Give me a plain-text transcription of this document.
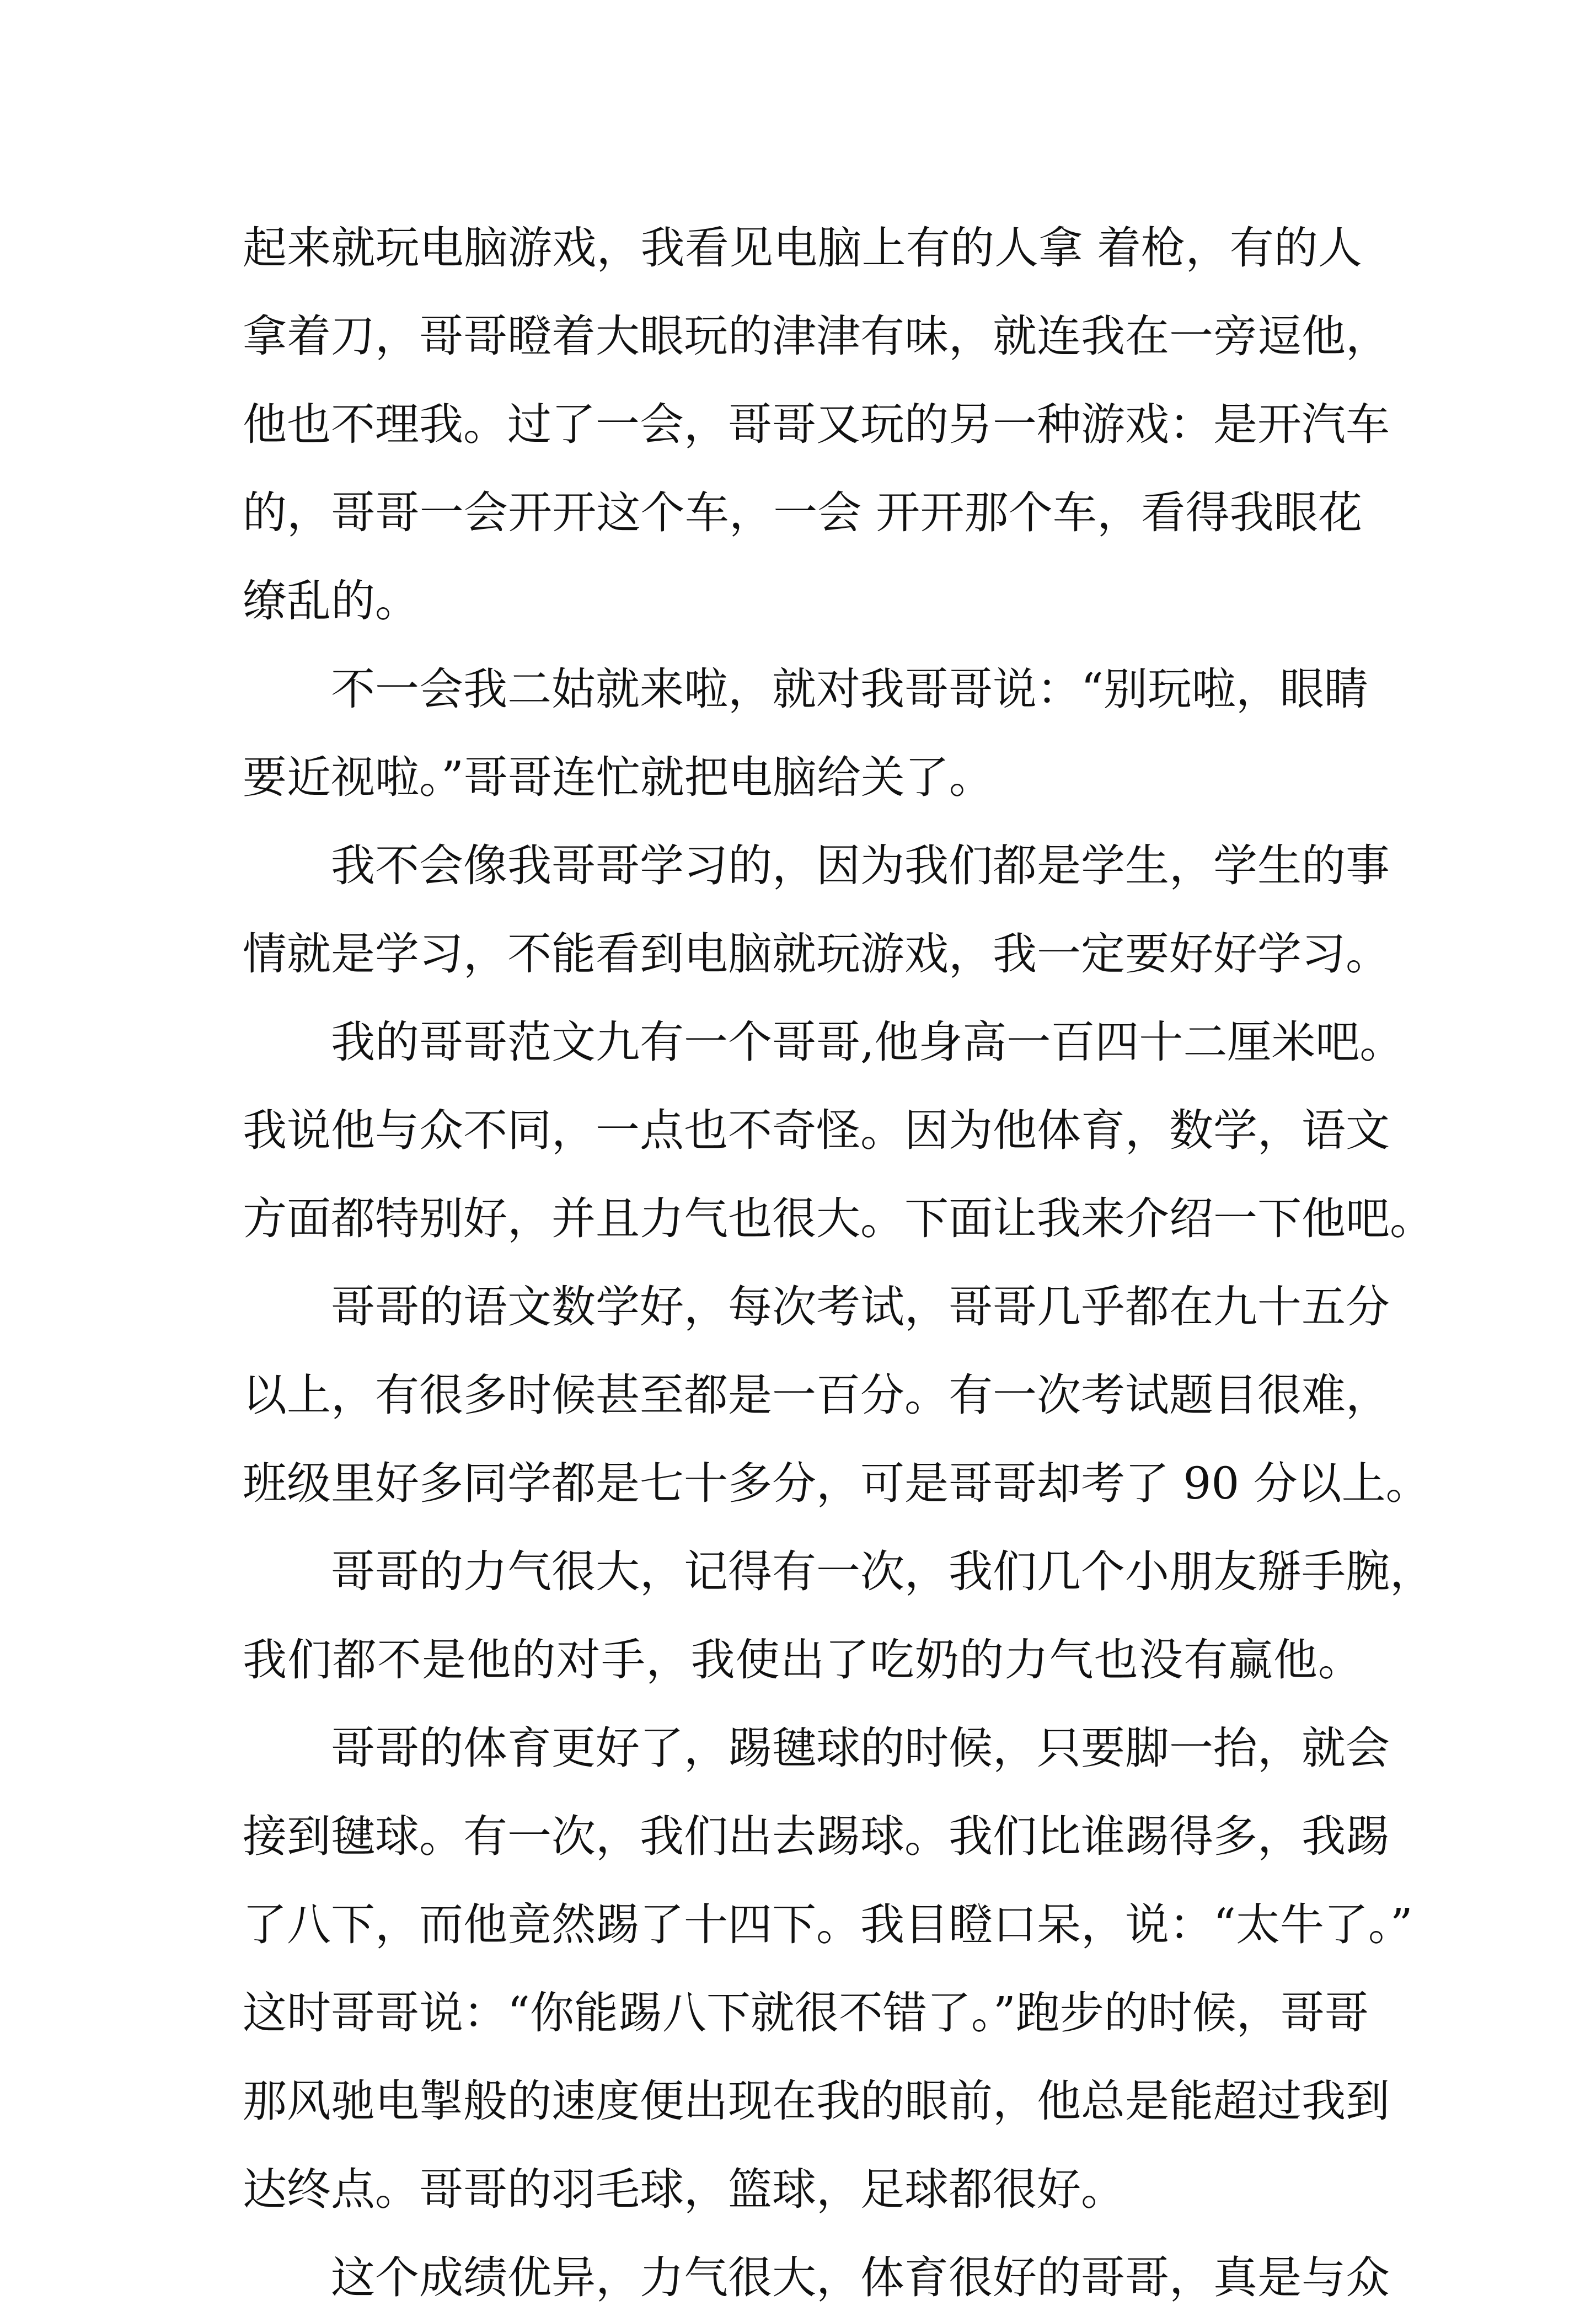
起来就玩电脑游戏，我看见电脑上有的人拿 着枪，有的人
拿着刀，哥哥瞪着大眼玩的津津有味，就连我在一旁逗他，
他也不理我。过了一会，哥哥又玩的另一种游戏：是开汽车
的，哥哥一会开开这个车，一会 开开那个车，看得我眼花
缭乱的。
不一会我二姑就来啦，就对我哥哥说：“别玩啦，眼睛
要近视啦。”哥哥连忙就把电脑给关了。
我不会像我哥哥学习的，因为我们都是学生，学生的事
情就是学习，不能看到电脑就玩游戏，我一定要好好学习。
我的哥哥范文九有一个哥哥,他身高一百四十二厘米吧。
我说他与众不同，一点也不奇怪。因为他体育，数学，语文
方面都特别好，并且力气也很大。下面让我来介绍一下他吧。
哥哥的语文数学好，每次考试，哥哥几乎都在九十五分
以上，有很多时候甚至都是一百分。有一次考试题目很难，
班级里好多同学都是七十多分，可是哥哥却考了 90 分以上。
哥哥的力气很大，记得有一次，我们几个小朋友掰手腕，
我们都不是他的对手，我使出了吃奶的力气也没有赢他。
哥哥的体育更好了，踢毽球的时候，只要脚一抬，就会
接到毽球。有一次，我们出去踢球。我们比谁踢得多，我踢
了八下，而他竟然踢了十四下。我目瞪口呆，说：“太牛了。”
这时哥哥说：“你能踢八下就很不错了。”跑步的时候，哥哥
那风驰电掣般的速度便出现在我的眼前，他总是能超过我到
达终点。哥哥的羽毛球，篮球，足球都很好。
这个成绩优异，力气很大，体育很好的哥哥，真是与众
